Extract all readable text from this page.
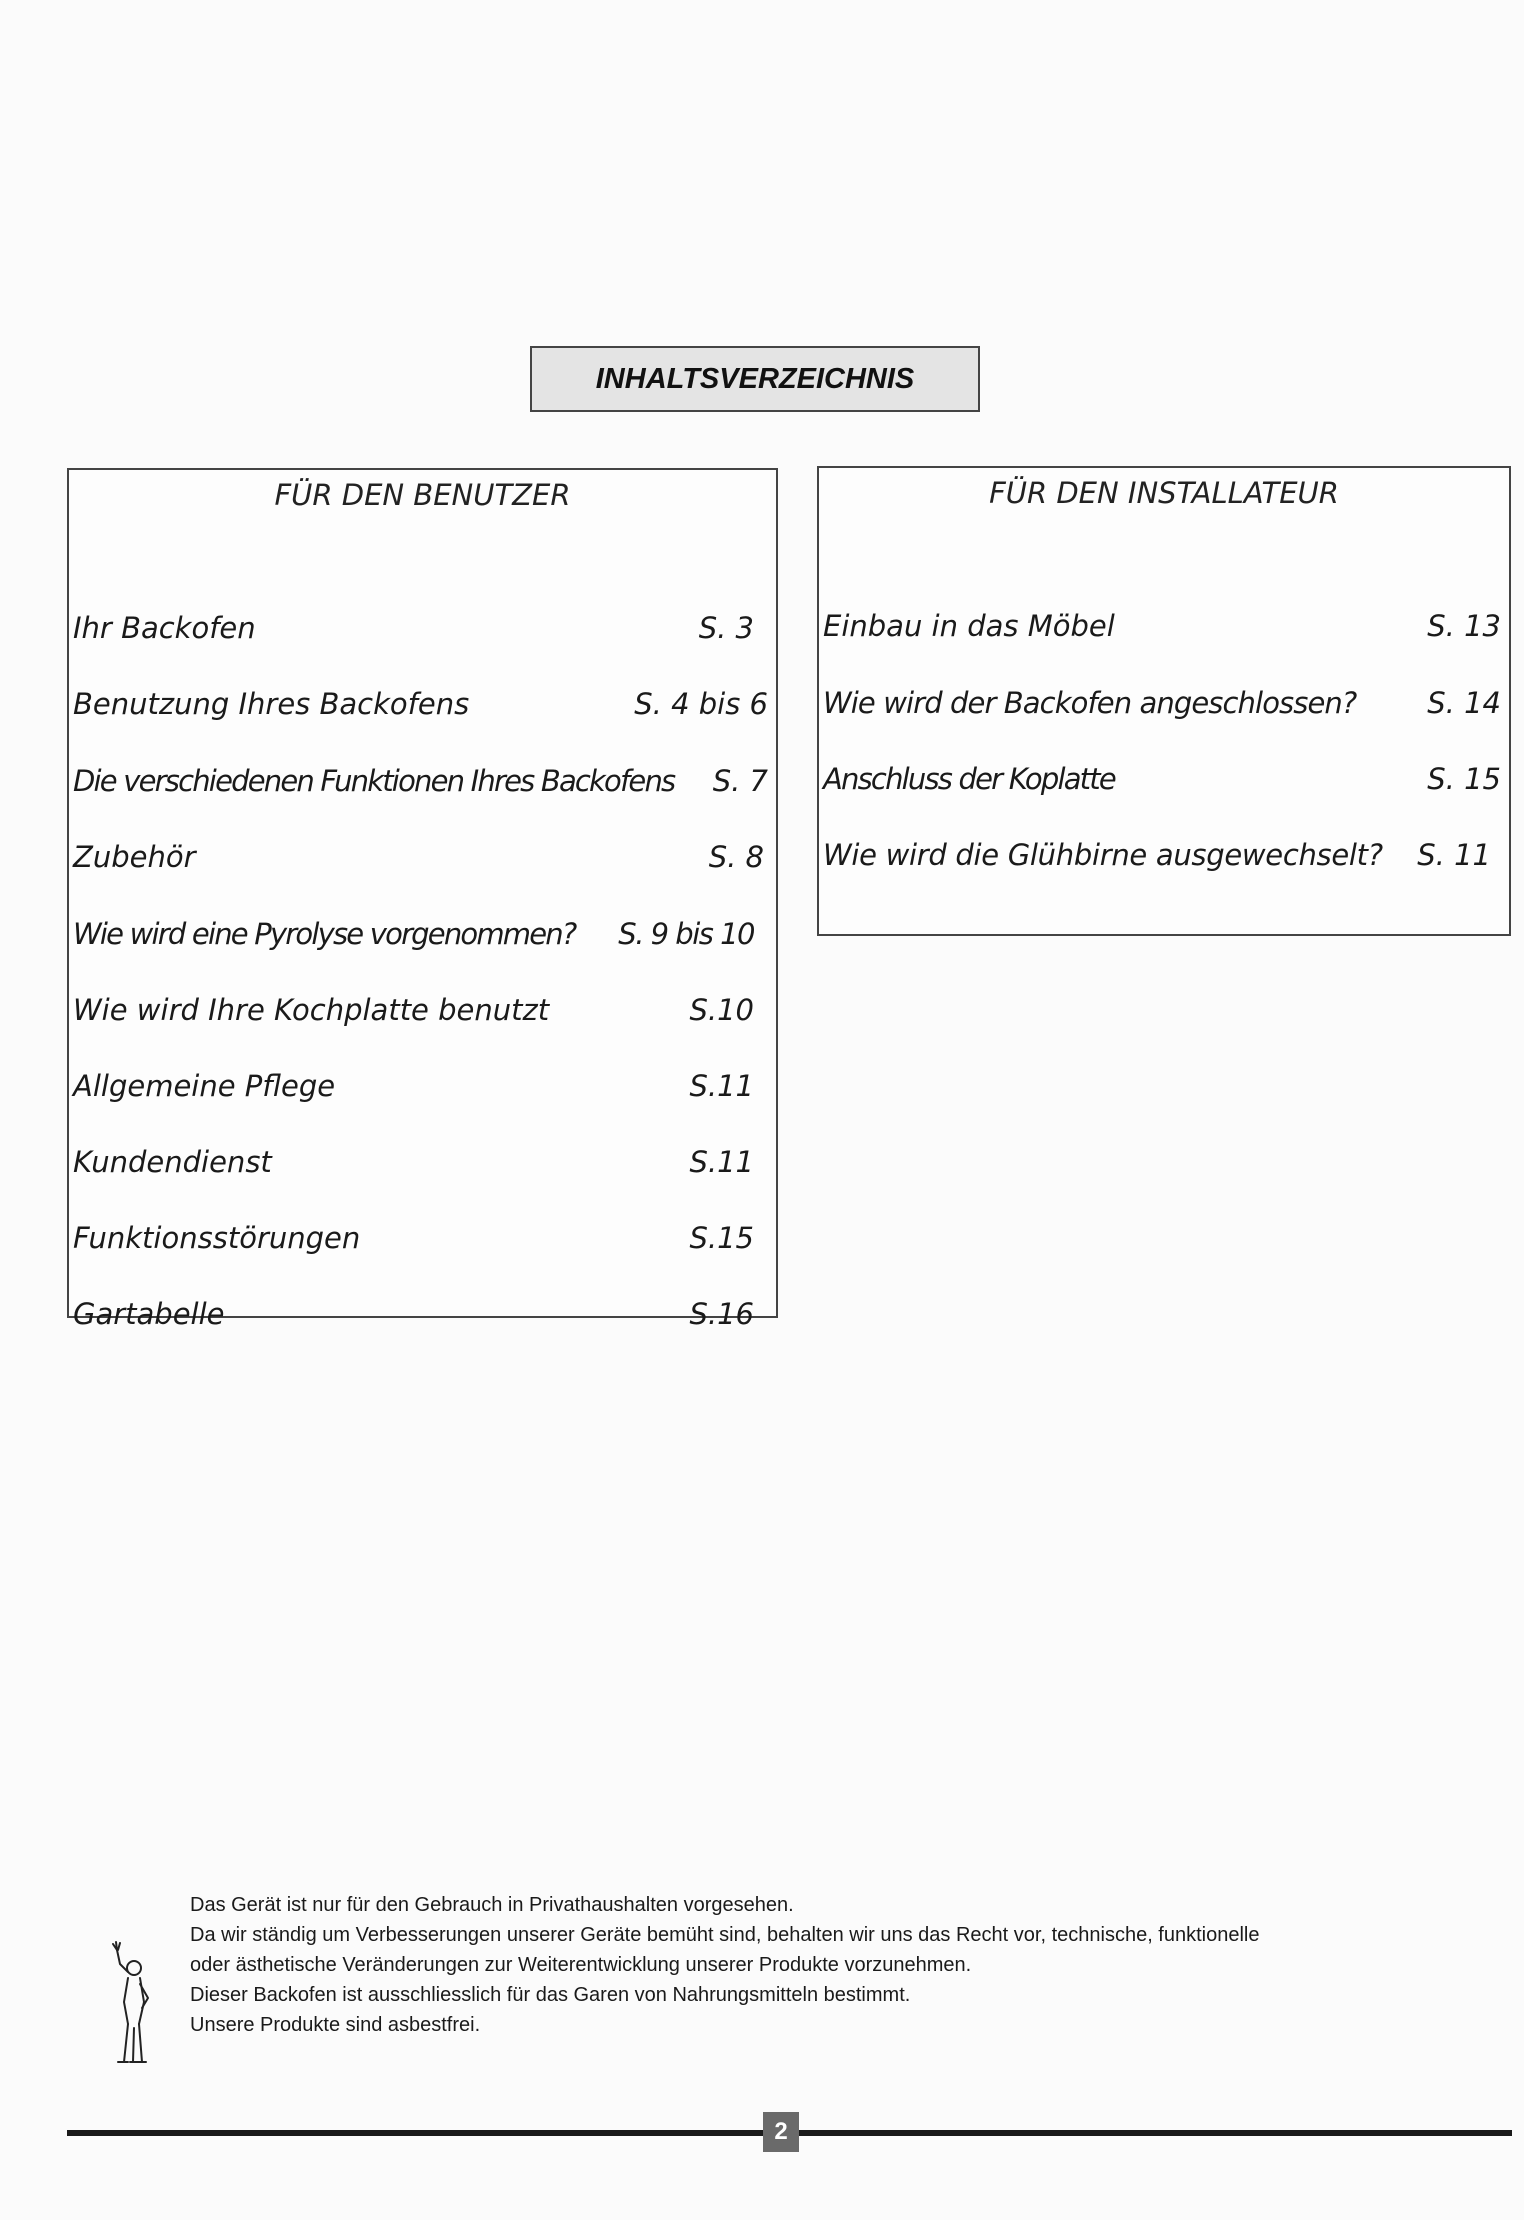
INHALTSVERZEICHNIS
FÜR DEN BENUTZER
Ihr Backofen	S. 3
Benutzung Ihres Backofens	S. 4 bis 6
Die verschiedenen Funktionen Ihres Backofens S. 7
Zubehör	S. 8
Wie wird eine Pyrolyse vorgenommen? S. 9 bis 10
Wie wird Ihre Kochplatte benutzt	S.10
Allgemeine Pflege	S.11
Kundendienst	S.11
Funktionsstörungen	S.15
Gartabelle	S.16
FÜR DEN INSTALLATEUR
Einbau in das Möbel	S. 13
Wie wird der Backofen angeschlossen? S. 14
Anschluss der Koplatte	S. 15
Wie wird die Glühbirne ausgewechselt? S. 11
Das Gerät ist nur für den Gebrauch in Privathaushalten vorgesehen.
Da wir ständig um Verbesserungen unserer Geräte bemüht sind, behalten wir uns das Recht vor, technische, funktionelle
oder ästhetische Veränderungen zur Weiterentwicklung unserer Produkte vorzunehmen.
Dieser Backofen ist ausschliesslich für das Garen von Nahrungsmitteln bestimmt.
Unsere Produkte sind asbestfrei.
2
